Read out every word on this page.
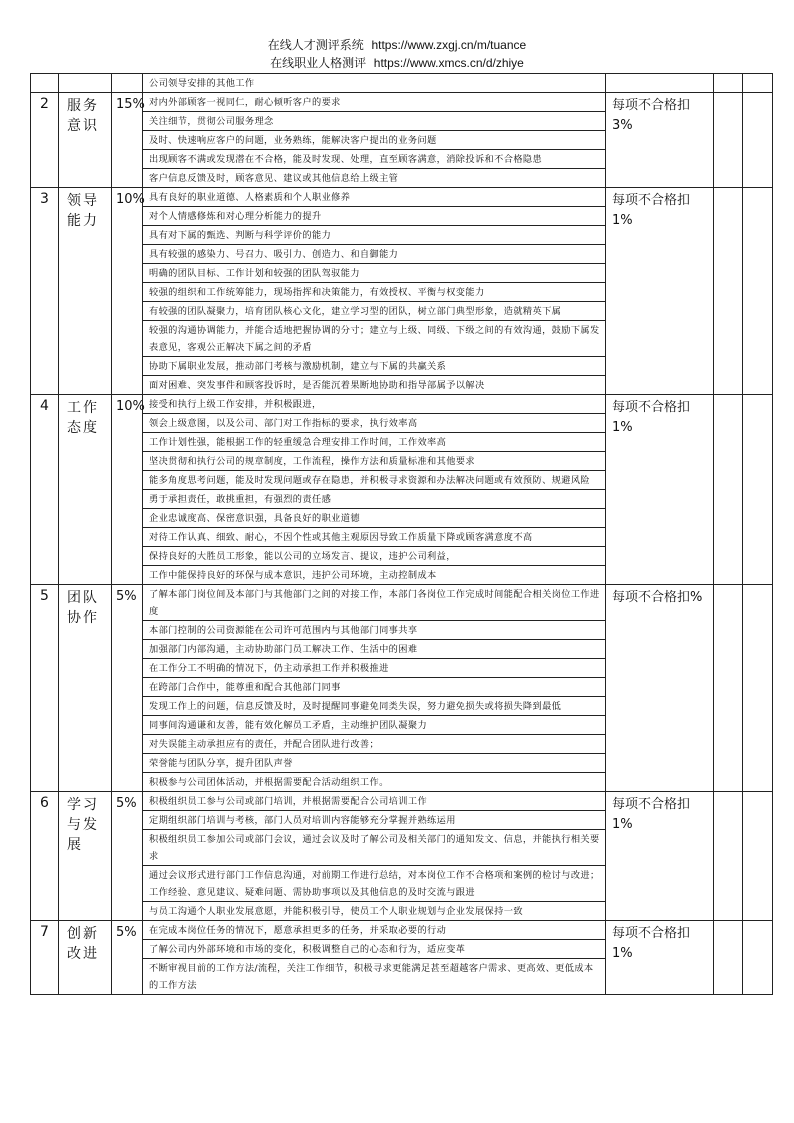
在线人才测评系统 https://www.zxgj.cn/m/tuance
在线职业人格测评 https://www.xmcs.cn/d/zhiye
			公司领导安排的其他工作			
2	服务意识	15%	对内外部顾客一视同仁，耐心倾听客户的要求	每项不合格扣 3%		
			关注细节，贯彻公司服务理念			
			及时、快速响应客户的问题，业务熟练，能解决客户提出的业务问题			
			出现顾客不满或发现潜在不合格，能及时发现、处理，直至顾客满意，消除投诉和不合格隐患			
			客户信息反馈及时，顾客意见、建议或其他信息给上级主管			
3	领导能力	10%	具有良好的职业道德、人格素质和个人职业修养	每项不合格扣 1%		
			对个人情感修炼和对心理分析能力的提升			
			具有对下属的甄选、判断与科学评价的能力			
			具有较强的感染力、号召力、吸引力、创造力、和自御能力			
			明确的团队目标、工作计划和较强的团队驾驭能力			
			较强的组织和工作统筹能力，现场指挥和决策能力，有效授权、平衡与权变能力			
			有较强的团队凝聚力，培育团队核心文化，建立学习型的团队，树立部门典型形象，造就精英下属			
			较强的沟通协调能力，并能合适地把握协调的分寸；建立与上级、同级、下级之间的有效沟通，鼓励下属发表意见，客观公正解决下属之间的矛盾			
			协助下属职业发展，推动部门考核与激励机制，建立与下属的共赢关系			
			面对困难、突发事件和顾客投诉时，是否能沉着果断地协助和指导部属予以解决			
4	工作态度	10%	接受和执行上级工作安排，并积极跟进，	每项不合格扣 1%		
			领会上级意图，以及公司、部门对工作指标的要求，执行效率高			
			工作计划性强，能根据工作的轻重缓急合理安排工作时间，工作效率高			
			坚决贯彻和执行公司的规章制度，工作流程，操作方法和质量标准和其他要求			
			能多角度思考问题，能及时发现问题或存在隐患，并积极寻求资源和办法解决问题或有效预防、规避风险			
			勇于承担责任，敢挑重担，有强烈的责任感			
			企业忠诚度高、保密意识强，具备良好的职业道德			
			对待工作认真、细致、耐心，不因个性或其他主观原因导致工作质量下降或顾客满意度不高			
			保持良好的大胜员工形象，能以公司的立场发言、提议，违护公司利益，			
			工作中能保持良好的环保与成本意识，违护公司环境，主动控制成本			
5	团队协作	5%	了解本部门岗位间及本部门与其他部门之间的对接工作，本部门各岗位工作完成时间能配合相关岗位工作进度	每项不合格扣%		
			本部门控制的公司资源能在公司许可范围内与其他部门同事共享			
			加强部门内部沟通，主动协助部门员工解决工作、生活中的困难			
			在工作分工不明确的情况下，仍主动承担工作并积极推进			
			在跨部门合作中，能尊重和配合其他部门同事			
			发现工作上的问题，信息反馈及时，及时提醒同事避免同类失误，努力避免损失或将损失降到最低			
			同事间沟通谦和友善，能有效化解员工矛盾，主动维护团队凝聚力			
			对失误能主动承担应有的责任，并配合团队进行改善；			
			荣誉能与团队分享，提升团队声誉			
			积极参与公司团体活动，并根据需要配合活动组织工作。			
6	学习与发展	5%	积极组织员工参与公司或部门培训，并根据需要配合公司培训工作	每项不合格扣 1%		
			定期组织部门培训与考核，部门人员对培训内容能够充分掌握并熟练运用			
			积极组织员工参加公司或部门会议，通过会议及时了解公司及相关部门的通知发文、信息，并能执行相关要求			
			通过会议形式进行部门工作信息沟通，对前期工作进行总结，对本岗位工作不合格项和案例的检讨与改进；工作经验、意见建议、疑难问题、需协助事项以及其他信息的及时交流与跟进			
			与员工沟通个人职业发展意愿，并能积极引导，使员工个人职业规划与企业发展保持一致			
7	创新改进	5%	在完成本岗位任务的情况下，愿意承担更多的任务，并采取必要的行动	每项不合格扣 1%		
			了解公司内外部环境和市场的变化，积极调整自己的心态和行为，适应变革			
			不断审视目前的工作方法/流程，关注工作细节，积极寻求更能满足甚至超越客户需求、更高效、更低成本的工作方法			
